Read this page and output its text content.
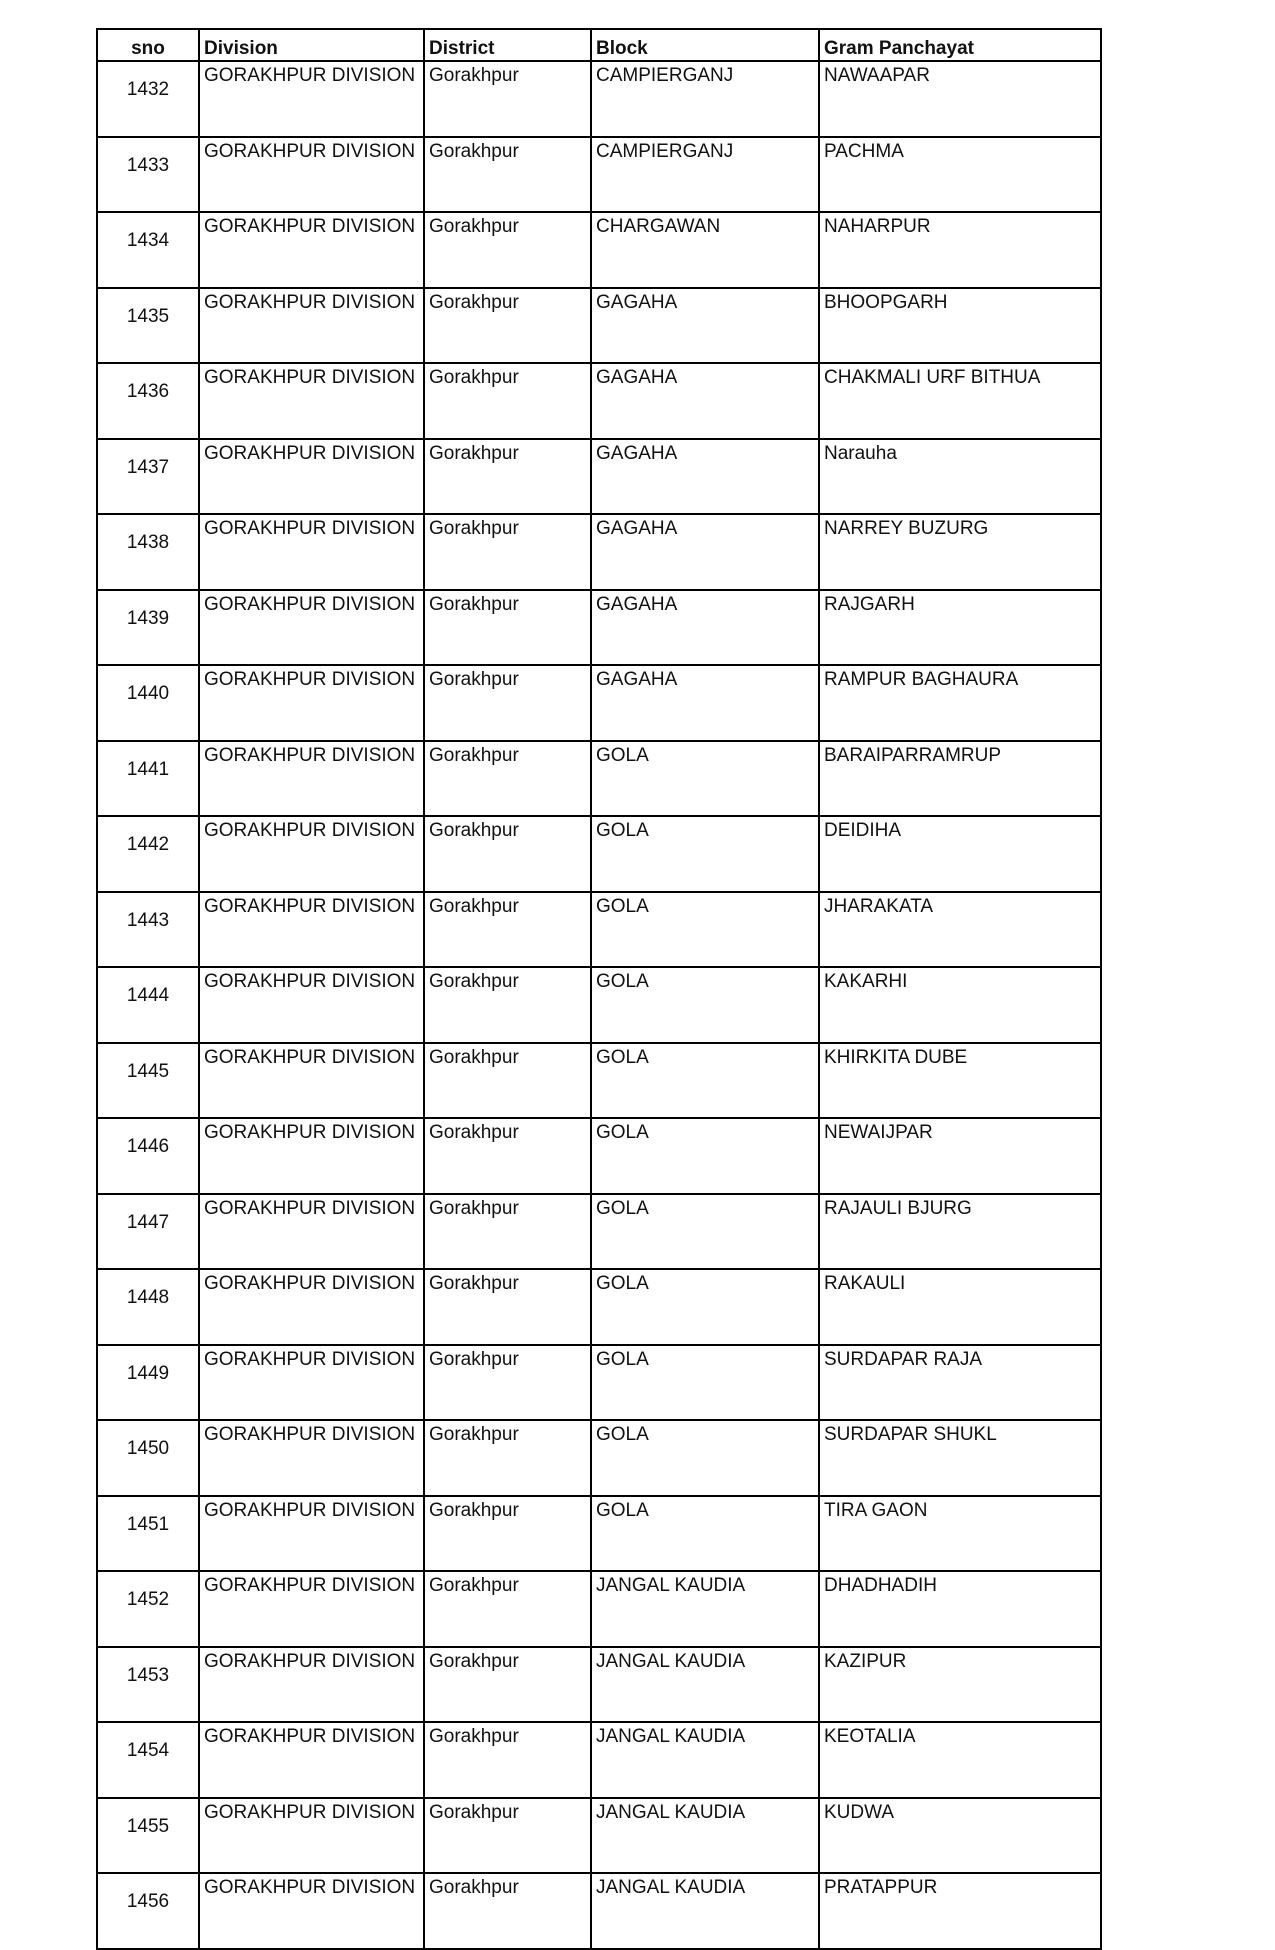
sno	Division	District	Block	Gram Panchayat
1432	GORAKHPUR DIVISION	Gorakhpur	CAMPIERGANJ	NAWAAPAR
1433	GORAKHPUR DIVISION	Gorakhpur	CAMPIERGANJ	PACHMA
1434	GORAKHPUR DIVISION	Gorakhpur	CHARGAWAN	NAHARPUR
1435	GORAKHPUR DIVISION	Gorakhpur	GAGAHA	BHOOPGARH
1436	GORAKHPUR DIVISION	Gorakhpur	GAGAHA	CHAKMALI URF BITHUA
1437	GORAKHPUR DIVISION	Gorakhpur	GAGAHA	Narauha
1438	GORAKHPUR DIVISION	Gorakhpur	GAGAHA	NARREY BUZURG
1439	GORAKHPUR DIVISION	Gorakhpur	GAGAHA	RAJGARH
1440	GORAKHPUR DIVISION	Gorakhpur	GAGAHA	RAMPUR BAGHAURA
1441	GORAKHPUR DIVISION	Gorakhpur	GOLA	BARAIPARRAMRUP
1442	GORAKHPUR DIVISION	Gorakhpur	GOLA	DEIDIHA
1443	GORAKHPUR DIVISION	Gorakhpur	GOLA	JHARAKATA
1444	GORAKHPUR DIVISION	Gorakhpur	GOLA	KAKARHI
1445	GORAKHPUR DIVISION	Gorakhpur	GOLA	KHIRKITA DUBE
1446	GORAKHPUR DIVISION	Gorakhpur	GOLA	NEWAIJPAR
1447	GORAKHPUR DIVISION	Gorakhpur	GOLA	RAJAULI BJURG
1448	GORAKHPUR DIVISION	Gorakhpur	GOLA	RAKAULI
1449	GORAKHPUR DIVISION	Gorakhpur	GOLA	SURDAPAR RAJA
1450	GORAKHPUR DIVISION	Gorakhpur	GOLA	SURDAPAR SHUKL
1451	GORAKHPUR DIVISION	Gorakhpur	GOLA	TIRA GAON
1452	GORAKHPUR DIVISION	Gorakhpur	JANGAL KAUDIA	DHADHADIH
1453	GORAKHPUR DIVISION	Gorakhpur	JANGAL KAUDIA	KAZIPUR
1454	GORAKHPUR DIVISION	Gorakhpur	JANGAL KAUDIA	KEOTALIA
1455	GORAKHPUR DIVISION	Gorakhpur	JANGAL KAUDIA	KUDWA
1456	GORAKHPUR DIVISION	Gorakhpur	JANGAL KAUDIA	PRATAPPUR
